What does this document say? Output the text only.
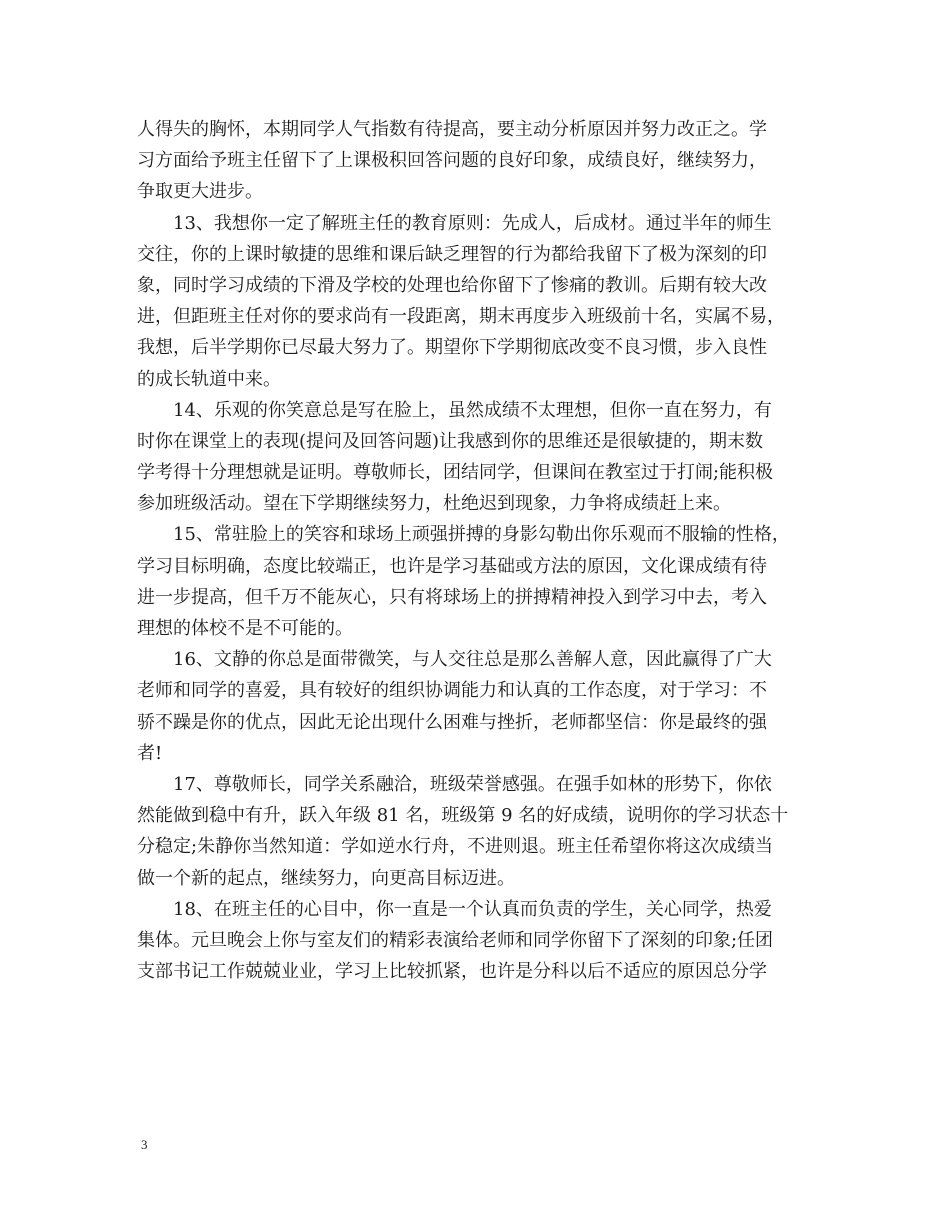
人得失的胸怀，本期同学人气指数有待提高，要主动分析原因并努力改正之。学
习方面给予班主任留下了上课极积回答问题的良好印象，成绩良好，继续努力，
争取更大进步。
13、我想你一定了解班主任的教育原则：先成人，后成材。通过半年的师生
交往，你的上课时敏捷的思维和课后缺乏理智的行为都给我留下了极为深刻的印
象，同时学习成绩的下滑及学校的处理也给你留下了惨痛的教训。后期有较大改
进，但距班主任对你的要求尚有一段距离，期末再度步入班级前十名，实属不易，
我想，后半学期你已尽最大努力了。期望你下学期彻底改变不良习惯，步入良性
的成长轨道中来。
14、乐观的你笑意总是写在脸上，虽然成绩不太理想，但你一直在努力，有
时你在课堂上的表现(提问及回答问题)让我感到你的思维还是很敏捷的，期末数
学考得十分理想就是证明。尊敬师长，团结同学，但课间在教室过于打闹;能积极
参加班级活动。望在下学期继续努力，杜绝迟到现象，力争将成绩赶上来。
15、常驻脸上的笑容和球场上顽强拼搏的身影勾勒出你乐观而不服输的性格，
学习目标明确，态度比较端正，也许是学习基础或方法的原因，文化课成绩有待
进一步提高，但千万不能灰心，只有将球场上的拼搏精神投入到学习中去，考入
理想的体校不是不可能的。
16、文静的你总是面带微笑，与人交往总是那么善解人意，因此赢得了广大
老师和同学的喜爱，具有较好的组织协调能力和认真的工作态度，对于学习：不
骄不躁是你的优点，因此无论出现什么困难与挫折，老师都坚信：你是最终的强
者!
17、尊敬师长，同学关系融洽，班级荣誉感强。在强手如林的形势下，你依
然能做到稳中有升，跃入年级 81 名，班级第 9 名的好成绩，说明你的学习状态十
分稳定;朱静你当然知道：学如逆水行舟，不进则退。班主任希望你将这次成绩当
做一个新的起点，继续努力，向更高目标迈进。
18、在班主任的心目中，你一直是一个认真而负责的学生，关心同学，热爱
集体。元旦晚会上你与室友们的精彩表演给老师和同学你留下了深刻的印象;任团
支部书记工作兢兢业业，学习上比较抓紧，也许是分科以后不适应的原因总分学
3
